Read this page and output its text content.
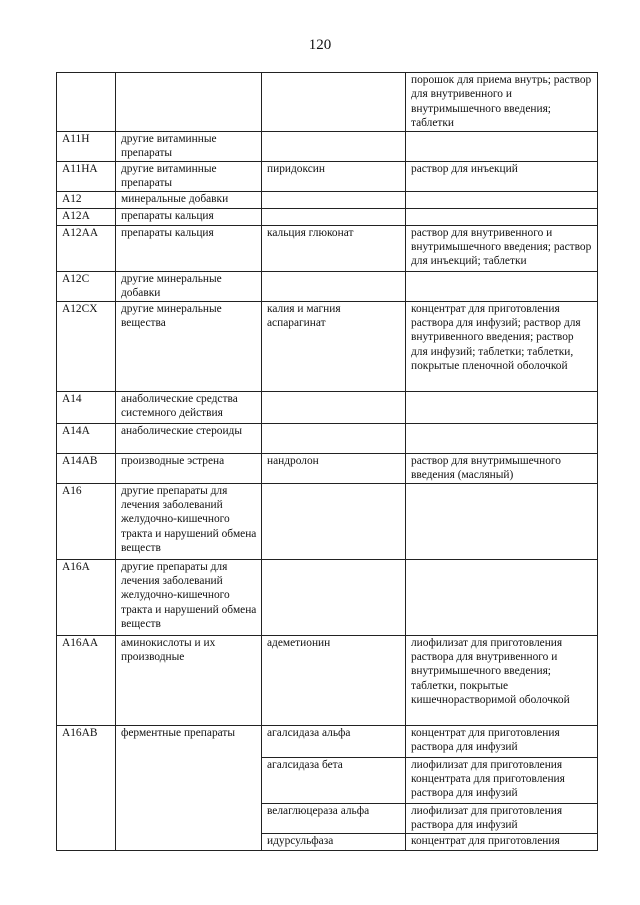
120
			порошок для приема внутрь; раствор для внутривенного и внутримышечного введения; таблетки
A11H	другие витаминные препараты		
A11HA	другие витаминные препараты	пиридоксин	раствор для инъекций
A12	минеральные добавки		
A12A	препараты кальция		
A12AA	препараты кальция	кальция глюконат	раствор для внутривенного и внутримышечного введения; раствор для инъекций; таблетки
A12C	другие минеральные добавки		
A12CX	другие минеральные вещества	калия и магния аспарагинат	концентрат для приготовления раствора для инфузий; раствор для внутривенного введения; раствор для инфузий; таблетки; таблетки, покрытые пленочной оболочкой
A14	анаболические средства системного действия		
A14A	анаболические стероиды		
A14AB	производные эстрена	нандролон	раствор для внутримышечного введения (масляный)
A16	другие препараты для лечения заболеваний желудочно-кишечного тракта и нарушений обмена веществ		
A16A	другие препараты для лечения заболеваний желудочно-кишечного тракта и нарушений обмена веществ		
A16AA	аминокислоты и их производные	адеметионин	лиофилизат для приготовления раствора для внутривенного и внутримышечного введения; таблетки, покрытые кишечнорастворимой оболочкой
A16AB	ферментные препараты	агалсидаза альфа	концентрат для приготовления раствора для инфузий
		агалсидаза бета	лиофилизат для приготовления концентрата для приготовления раствора для инфузий
		велаглюцераза альфа	лиофилизат для приготовления раствора для инфузий
		идурсульфаза	концентрат для приготовления
